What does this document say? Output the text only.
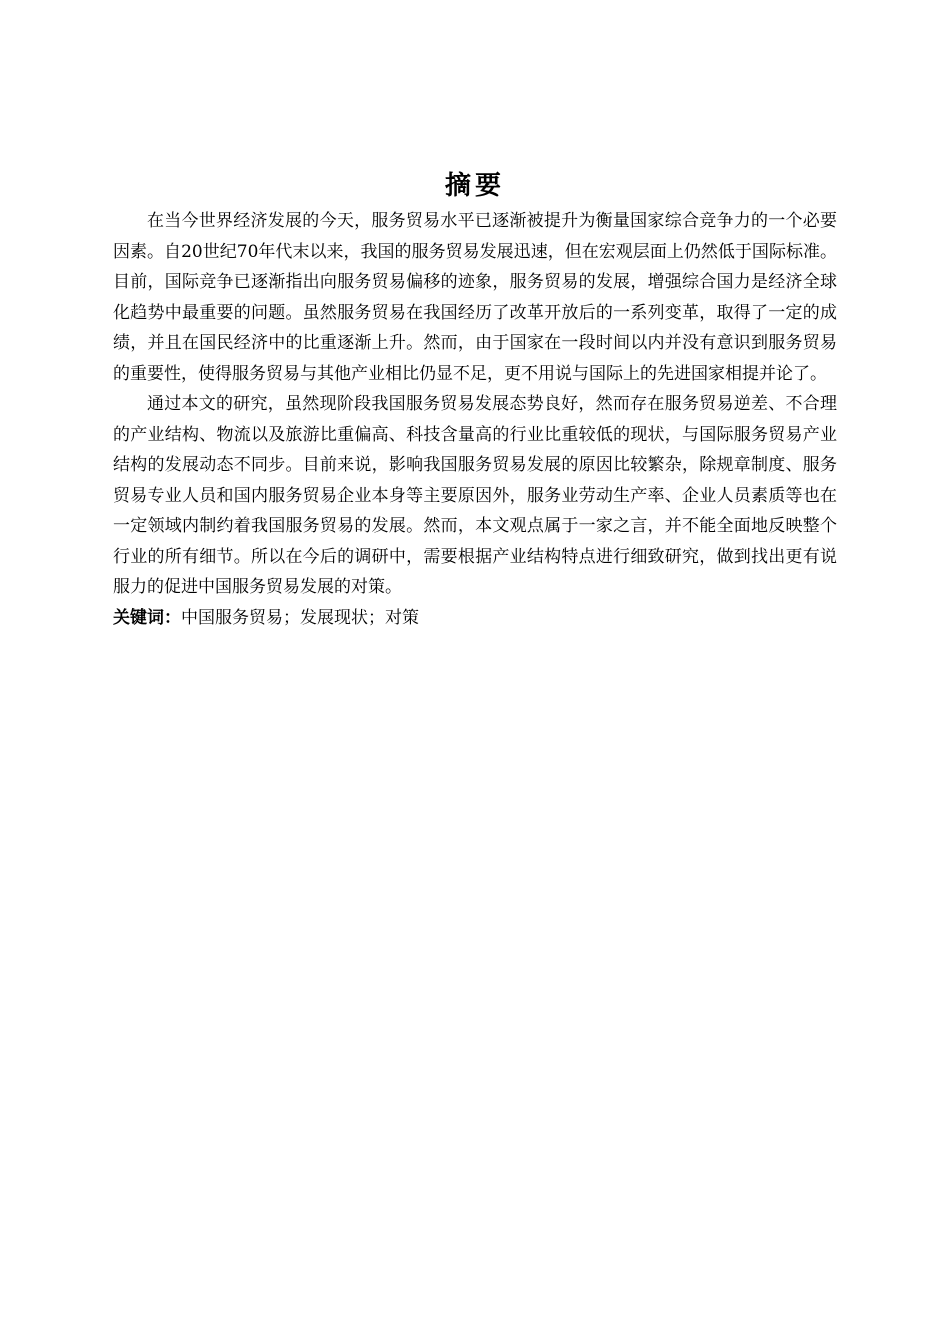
摘要

在当今世界经济发展的今天，服务贸易水平已逐渐被提升为衡量国家综合竞争力的一个必要因素。自20世纪70年代末以来，我国的服务贸易发展迅速，但在宏观层面上仍然低于国际标准。目前，国际竞争已逐渐指出向服务贸易偏移的迹象，服务贸易的发展，增强综合国力是经济全球化趋势中最重要的问题。虽然服务贸易在我国经历了改革开放后的一系列变革，取得了一定的成绩，并且在国民经济中的比重逐渐上升。然而，由于国家在一段时间以内并没有意识到服务贸易的重要性，使得服务贸易与其他产业相比仍显不足，更不用说与国际上的先进国家相提并论了。

通过本文的研究，虽然现阶段我国服务贸易发展态势良好，然而存在服务贸易逆差、不合理的产业结构、物流以及旅游比重偏高、科技含量高的行业比重较低的现状，与国际服务贸易产业结构的发展动态不同步。目前来说，影响我国服务贸易发展的原因比较繁杂，除规章制度、服务贸易专业人员和国内服务贸易企业本身等主要原因外，服务业劳动生产率、企业人员素质等也在一定领域内制约着我国服务贸易的发展。然而，本文观点属于一家之言，并不能全面地反映整个行业的所有细节。所以在今后的调研中，需要根据产业结构特点进行细致研究，做到找出更有说服力的促进中国服务贸易发展的对策。

关键词：中国服务贸易；发展现状；对策
